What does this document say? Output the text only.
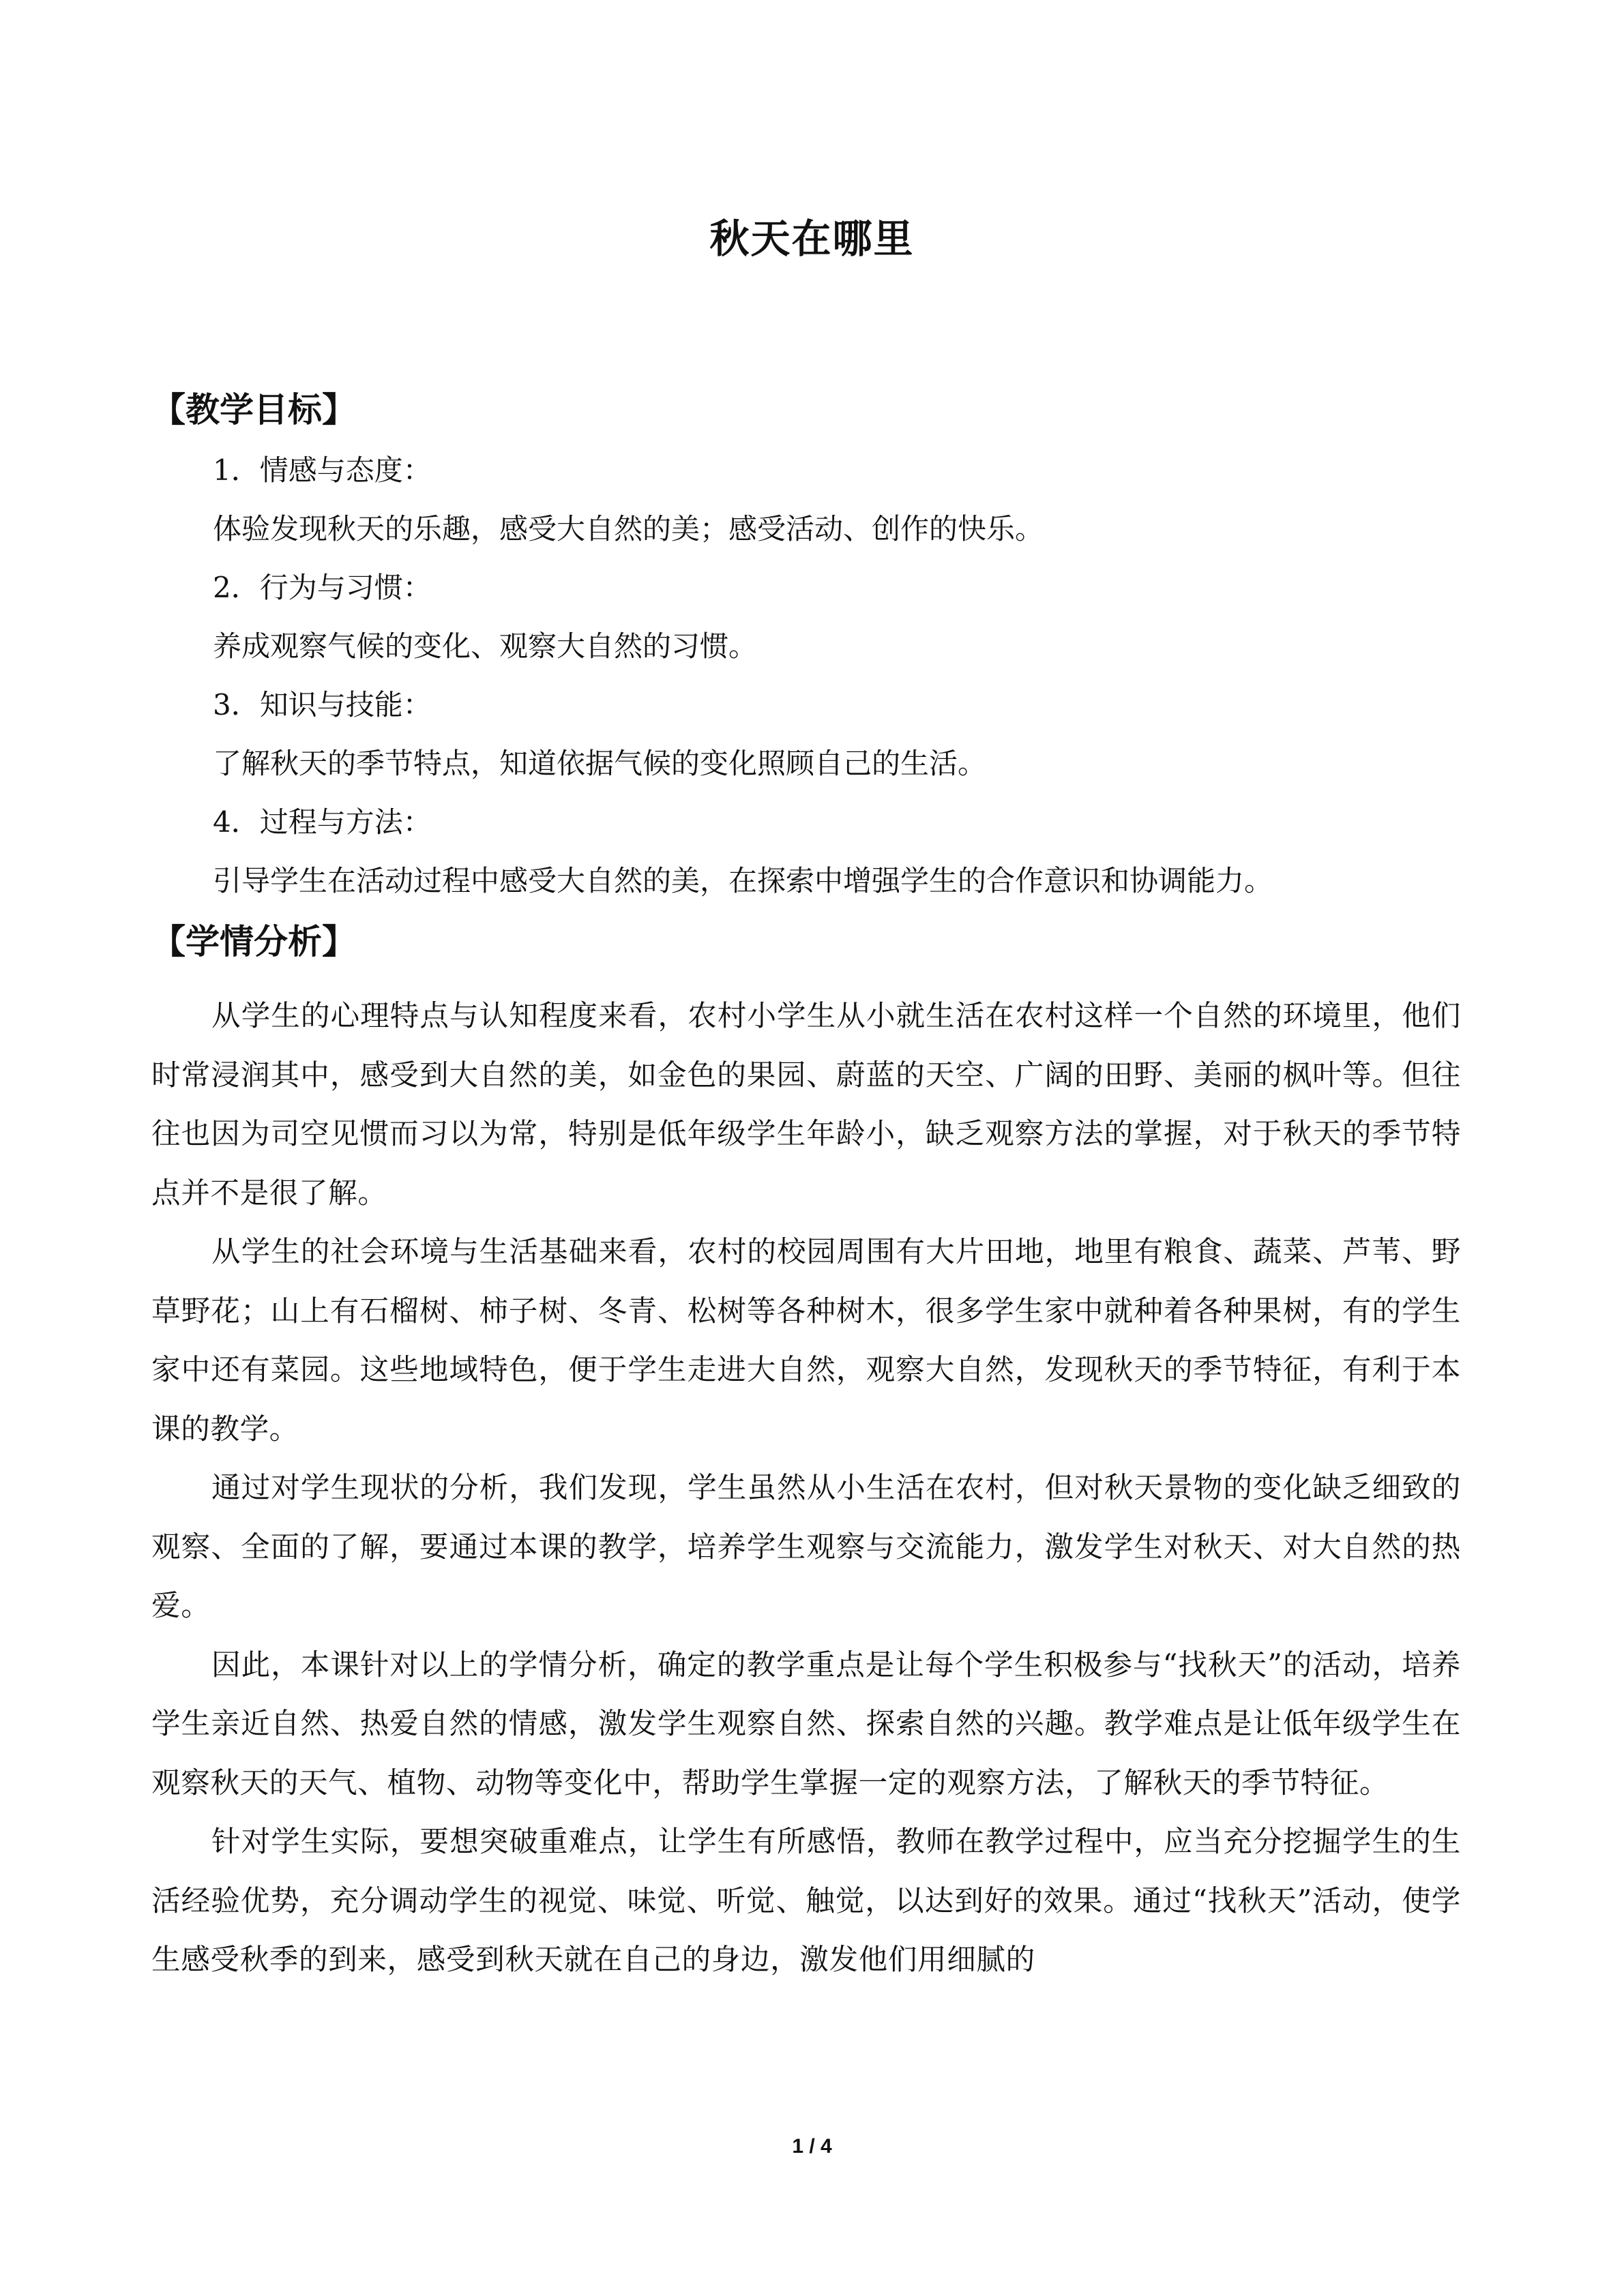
秋天在哪里
【教学目标】

1．情感与态度：

体验发现秋天的乐趣，感受大自然的美；感受活动、创作的快乐。

2．行为与习惯：

养成观察气候的变化、观察大自然的习惯。

3．知识与技能：

了解秋天的季节特点，知道依据气候的变化照顾自己的生活。

4．过程与方法：

引导学生在活动过程中感受大自然的美，在探索中增强学生的合作意识和协调能力。

【学情分析】

从学生的心理特点与认知程度来看，农村小学生从小就生活在农村这样一个自然的环境里，他们时常浸润其中，感受到大自然的美，如金色的果园、蔚蓝的天空、广阔的田野、美丽的枫叶等。但往往也因为司空见惯而习以为常，特别是低年级学生年龄小，缺乏观察方法的掌握，对于秋天的季节特点并不是很了解。

从学生的社会环境与生活基础来看，农村的校园周围有大片田地，地里有粮食、蔬菜、芦苇、野草野花；山上有石榴树、柿子树、冬青、松树等各种树木，很多学生家中就种着各种果树，有的学生家中还有菜园。这些地域特色，便于学生走进大自然，观察大自然，发现秋天的季节特征，有利于本课的教学。

通过对学生现状的分析，我们发现，学生虽然从小生活在农村，但对秋天景物的变化缺乏细致的观察、全面的了解，要通过本课的教学，培养学生观察与交流能力，激发学生对秋天、对大自然的热爱。

因此，本课针对以上的学情分析，确定的教学重点是让每个学生积极参与“找秋天”的活动，培养学生亲近自然、热爱自然的情感，激发学生观察自然、探索自然的兴趣。教学难点是让低年级学生在观察秋天的天气、植物、动物等变化中，帮助学生掌握一定的观察方法，了解秋天的季节特征。

针对学生实际，要想突破重难点，让学生有所感悟，教师在教学过程中，应当充分挖掘学生的生活经验优势，充分调动学生的视觉、味觉、听觉、触觉，以达到好的效果。通过“找秋天”活动，使学生感受秋季的到来，感受到秋天就在自己的身边，激发他们用细腻的

1 / 4
